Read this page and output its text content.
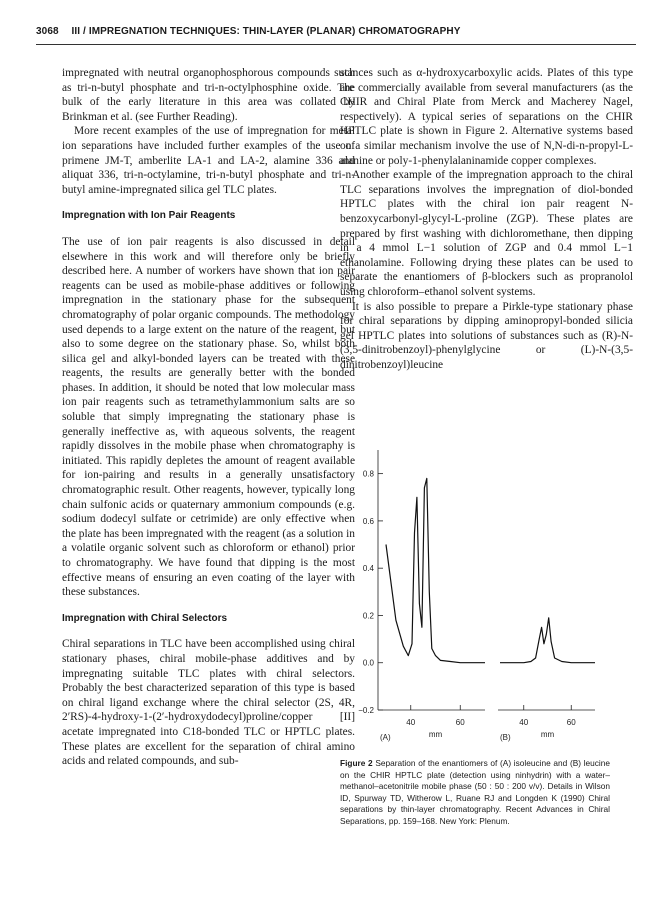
3068 III / IMPREGNATION TECHNIQUES: THIN-LAYER (PLANAR) CHROMATOGRAPHY

impregnated with neutral organophosphorous compounds such as tri-n-butyl phosphate and tri-n-octylphosphine oxide. The bulk of the early literature in this area was collated by Brinkman et al. (see Further Reading).

More recent examples of the use of impregnation for metal ion separations have included further examples of the use of primene JM-T, amberlite LA-1 and LA-2, alamine 336 and aliquat 336, tri-n-octylamine, tri-n-butyl phosphate and tri-n-butyl amine-impregnated silica gel TLC plates.

Impregnation with Ion Pair Reagents

The use of ion pair reagents is also discussed in detail elsewhere in this work and will therefore only be briefly described here. A number of workers have shown that ion pair reagents can be used as mobile-phase additives or following impregnation in the stationary phase for the subsequent chromatography of polar organic compounds. The methodology used depends to a large extent on the nature of the reagent, but also to some degree on the stationary phase. So, whilst both silica gel and alkyl-bonded layers can be treated with these reagents, the results are generally better with the bonded phases. In addition, it should be noted that low molecular mass ion pair reagents such as tetramethylammonium salts are so soluble that simply impregnating the stationary phase is generally ineffective as, with aqueous solvents, the reagent rapidly dissolves in the mobile phase when chromatography is initiated. This rapidly depletes the amount of reagent available for ion-pairing and results in a generally unsatisfactory chromatographic result. Other reagents, however, typically long chain sulfonic acids or quaternary ammonium compounds (e.g. sodium dodecyl sulfate or cetrimide) are only effective when the plate has been impregnated with the reagent (as a solution in a volatile organic solvent such as chloroform or ethanol) prior to chromatography. We have found that dipping is the most effective means of ensuring an even coating of the layer with these substances.

Impregnation with Chiral Selectors

Chiral separations in TLC have been accomplished using chiral stationary phases, chiral mobile-phase additives and by impregnating suitable TLC plates with chiral selectors. Probably the best characterized separation of this type is based on chiral ligand exchange where the chiral selector (2S, 4R, 2′RS)-4-hydroxy-1-(2′-hydroxydodecyl)proline/copper [II] acetate impregnated into C18-bonded TLC or HPTLC plates. These plates are excellent for the separation of chiral amino acids and related compounds, and sub-

stances such as α-hydroxycarboxylic acids. Plates of this type are commercially available from several manufacturers (as the CHIR and Chiral Plate from Merck and Macherey Nagel, respectively). A typical series of separations on the CHIR HPTLC plate is shown in Figure 2. Alternative systems based on a similar mechanism involve the use of N,N-di-n-propyl-L-alanine or poly-1-phenylalaninamide copper complexes.

Another example of the impregnation approach to the chiral TLC separations involves the impregnation of diol-bonded HPTLC plates with the chiral ion pair reagent N-benzoxycarbonyl-glycyl-L-proline (ZGP). These plates are prepared by first washing with dichloromethane, then dipping in a 4 mmol L−1 solution of ZGP and 0.4 mmol L−1 ethanolamine. Following drying these plates can be used to separate the enantiomers of β-blockers such as propranolol using chloroform–ethanol solvent systems.

It is also possible to prepare a Pirkle-type stationary phase for chiral separations by dipping aminopropyl-bonded silicia gel HPTLC plates into solutions of substances such as (R)-N-(3,5-dinitrobenzoyl)-phenylglycine or (L)-N-(3,5-dinitrobenzoyl)leucine

0.8
0.6
0.4
0.2
0.0
−0.2
40	60
mm
(A)
40	60
mm
(B)
Figure 2 Separation of the enantiomers of (A) isoleucine and (B) leucine on the CHIR HPTLC plate (detection using ninhydrin) with a water–methanol–acetonitrile mobile phase (50 : 50 : 200 v/v). Details in Wilson ID, Spurway TD, Witherow L, Ruane RJ and Longden K (1990) Chiral separations by thin-layer chromatography. Recent Advances in Chiral Separations, pp. 159–168. New York: Plenum.
